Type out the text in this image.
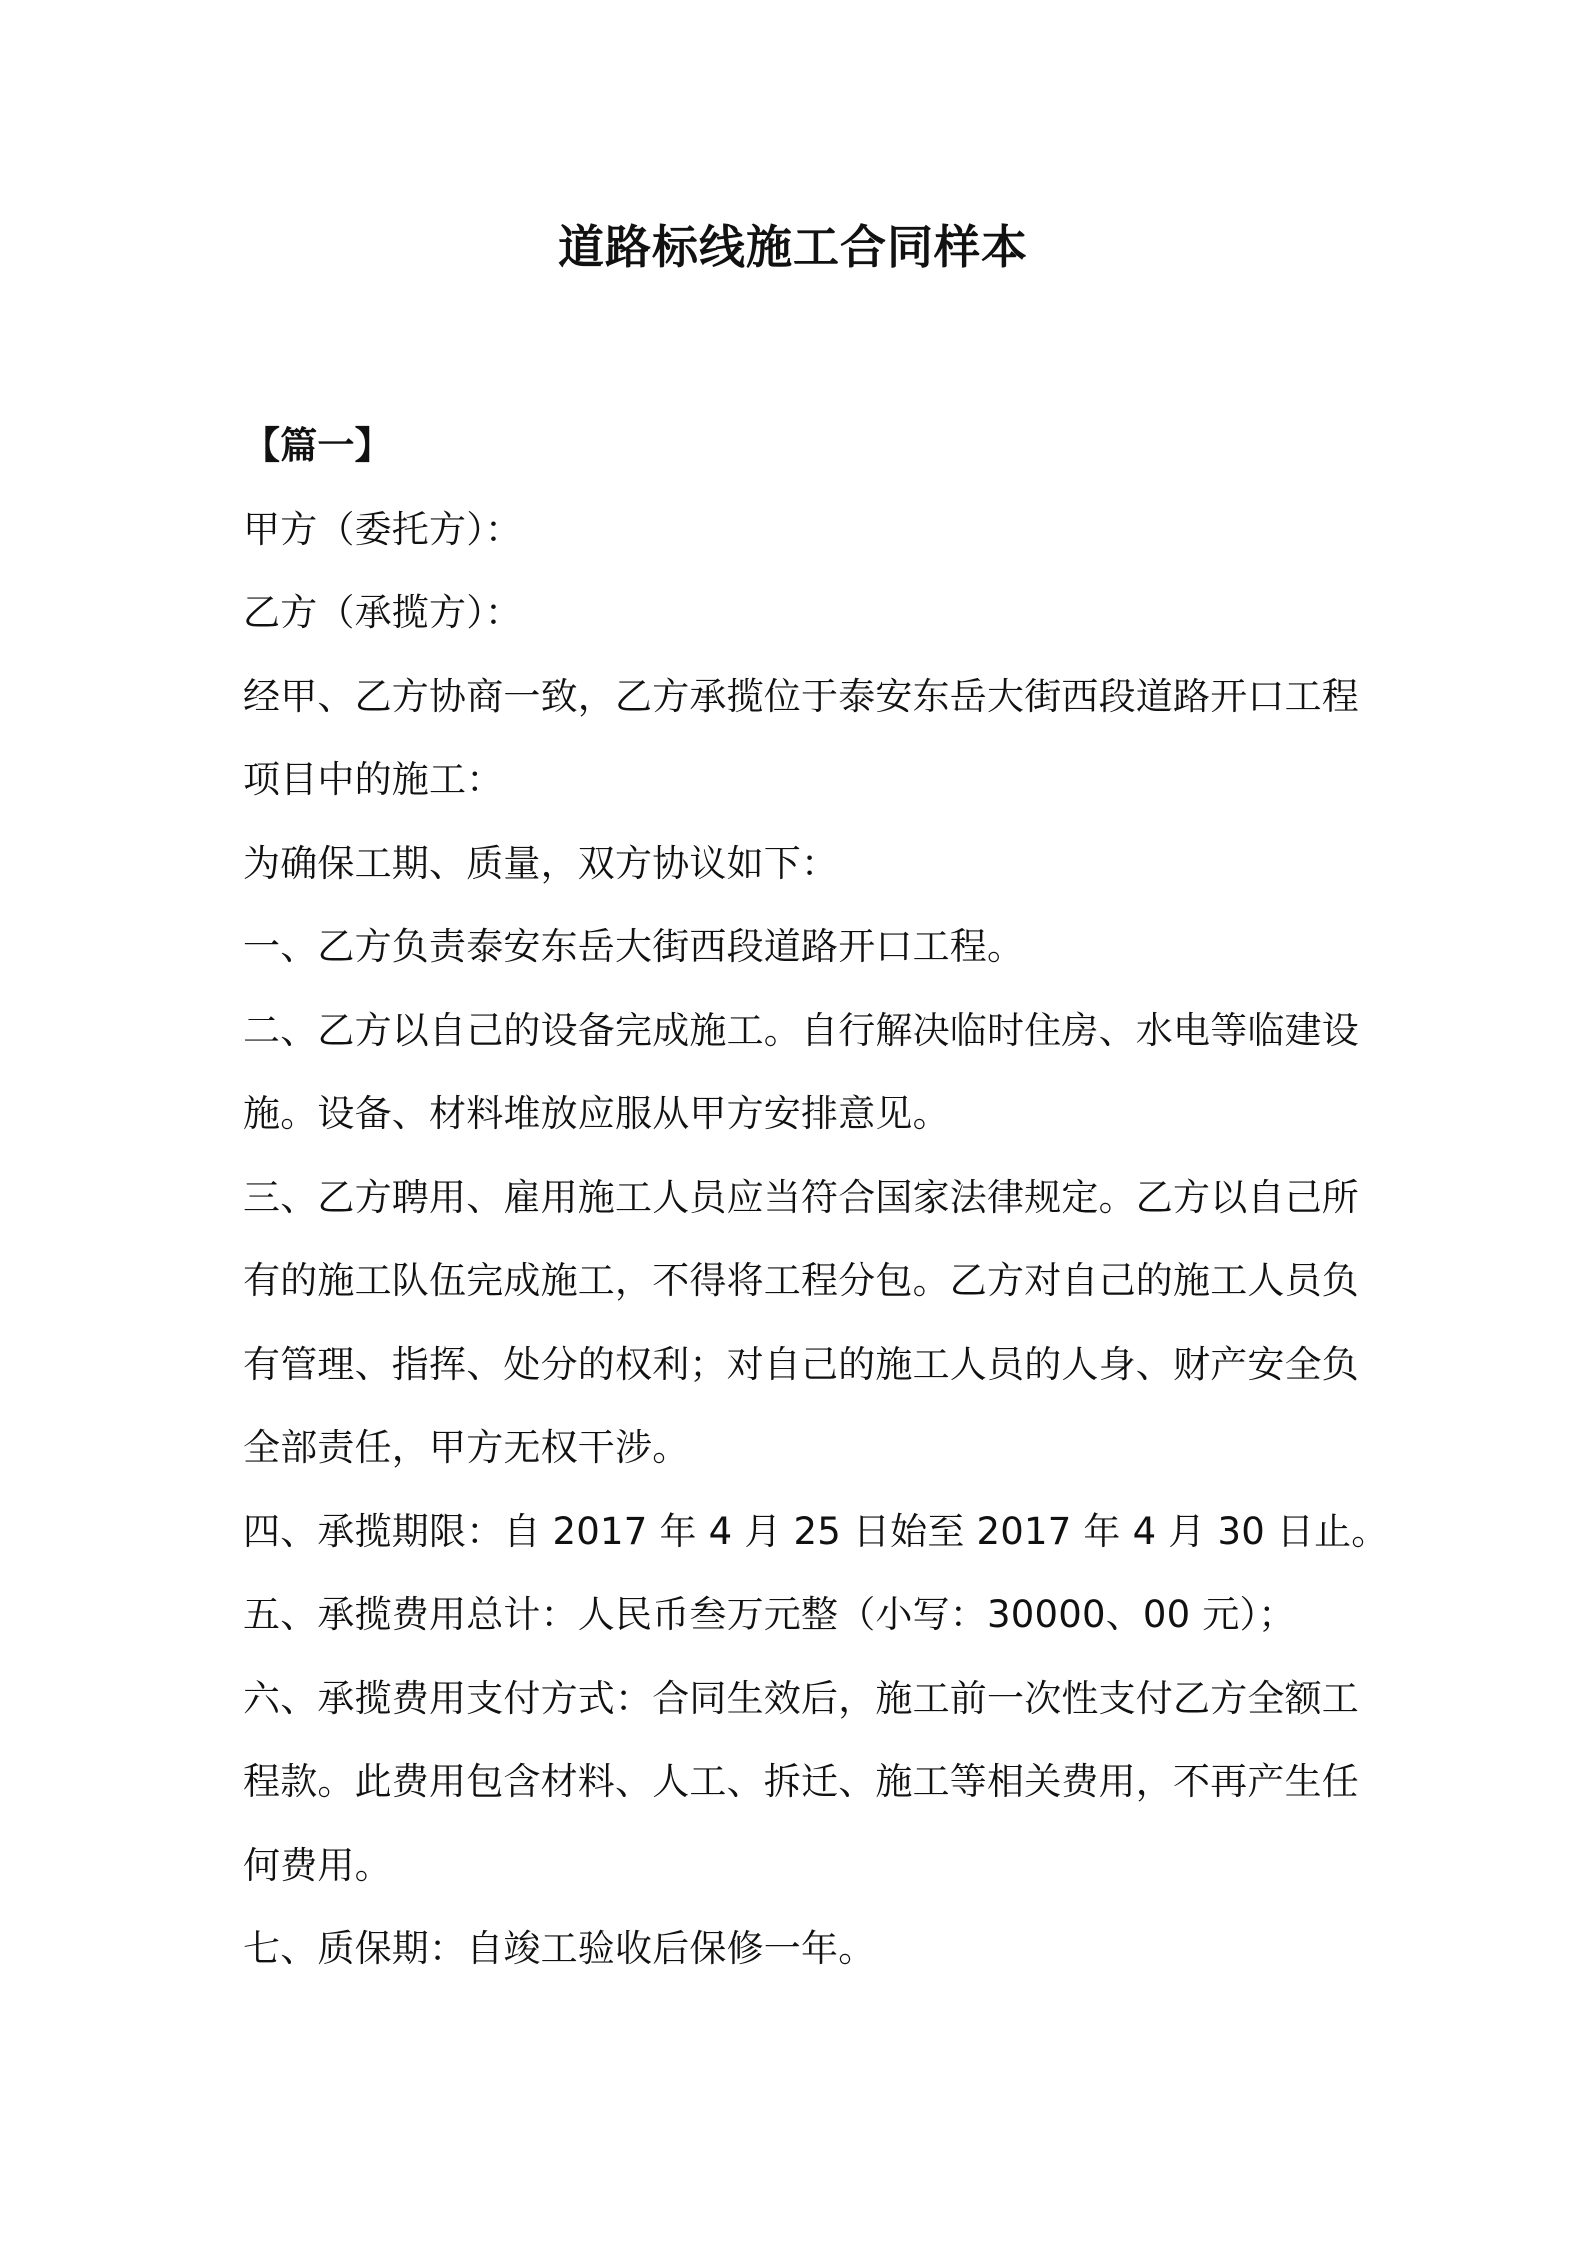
道路标线施工合同样本
【篇一】
甲方（委托方）：
乙方（承揽方）：
经甲、乙方协商一致，乙方承揽位于泰安东岳大街西段道路开口工程
项目中的施工：
为确保工期、质量，双方协议如下：
一、乙方负责泰安东岳大街西段道路开口工程。
二、乙方以自己的设备完成施工。自行解决临时住房、水电等临建设
施。设备、材料堆放应服从甲方安排意见。
三、乙方聘用、雇用施工人员应当符合国家法律规定。乙方以自己所
有的施工队伍完成施工，不得将工程分包。乙方对自己的施工人员负
有管理、指挥、处分的权利；对自己的施工人员的人身、财产安全负
全部责任，甲方无权干涉。
四、承揽期限：自 2017 年 4 月 25 日始至 2017 年 4 月 30 日止。
五、承揽费用总计：人民币叁万元整（小写：30000、00 元）；
六、承揽费用支付方式：合同生效后，施工前一次性支付乙方全额工
程款。此费用包含材料、人工、拆迁、施工等相关费用，不再产生任
何费用。
七、质保期：自竣工验收后保修一年。
